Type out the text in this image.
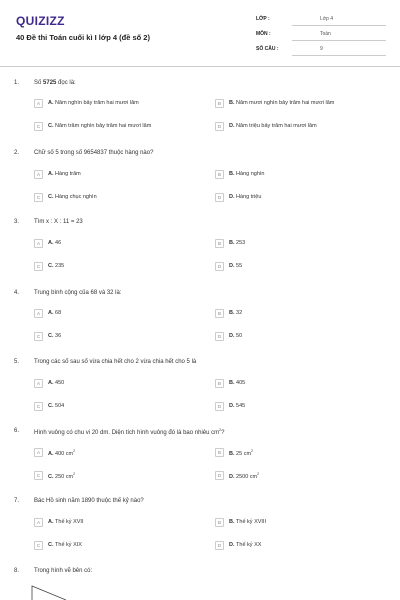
QUIZIZZ
40 Đề thi Toán cuối kì I lớp 4 (đề số 2)
LỚP :	Lớp 4
MÔN :	Toán
SỐ CÂU :	9
1. Số 5725 đọc là:
A	A. Năm nghìn bảy trăm hai mươi lăm	B	B. Năm mươi nghìn bảy trăm hai mươi lăm
C	C. Năm trăm nghìn bảy trăm hai mươi lăm	D	D. Năm triệu bảy trăm hai mươi lăm
2. Chữ số 5 trong số 9654837 thuộc hàng nào?
A	A. Hàng trăm	B	B. Hàng nghìn
C	C. Hàng chục nghìn	D	D. Hàng triệu
3. Tìm x : X : 11 = 23
A	A. 46	B	B. 253
C	C. 235	D	D. 55
4. Trung bình cộng của 68 và 32 là:
A	A. 68	B	B. 32
C	C. 36	D	D. 50
5. Trong các số sau số vừa chia hết cho 2 vừa chia hết cho 5 là
A	A. 450	B	B. 405
C	C. 504	D	D. 545
6. Hình vuông có chu vi 20 dm. Diện tích hình vuông đó là bao nhiêu $cm^2$?
A	A. 400 $cm^2$	B	B. 25 $cm^2$
C	C. 250 $cm^2$	D	D. 2500 $cm^2$
7. Bác Hồ sinh năm 1890 thuộc thế kỷ nào?
A	A. Thế kỷ XVII	B	B. Thế kỷ XVIII
C	C. Thế kỷ XIX	D	D. Thế kỷ XX
8. Trong hình vẽ bên có:
